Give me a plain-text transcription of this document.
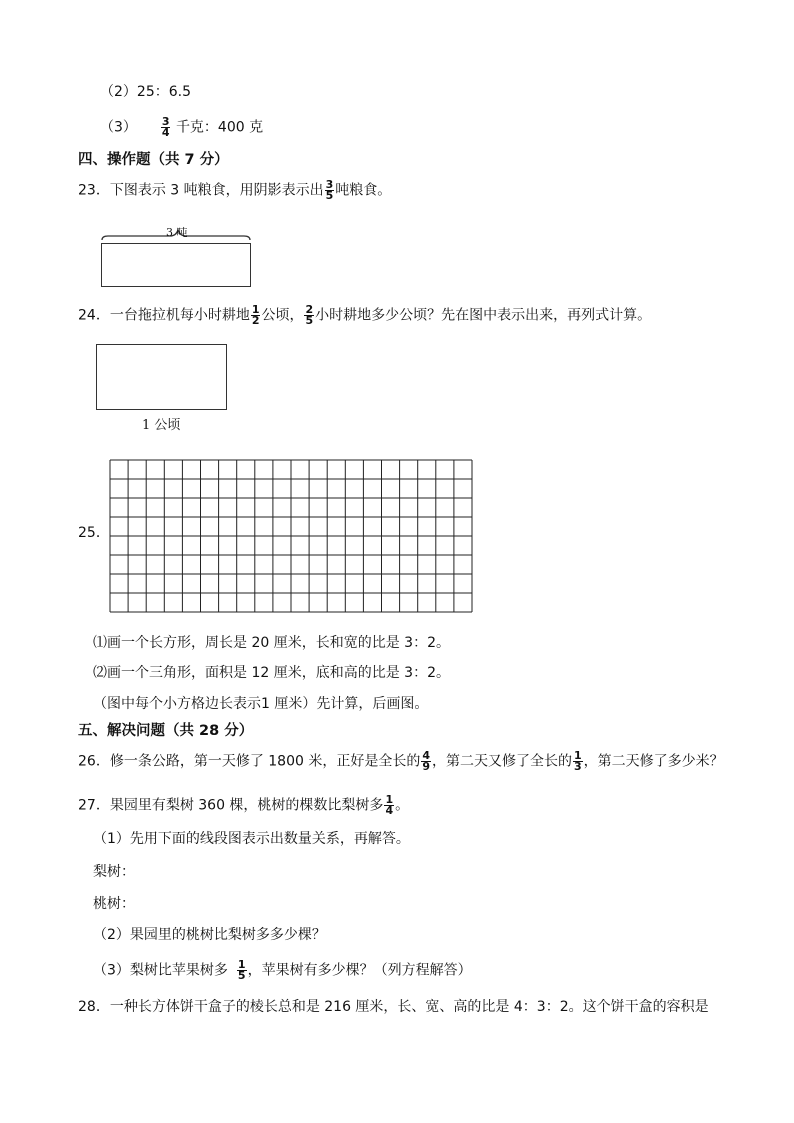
（2）25：6.5
$(3) \frac{3}{4}$ 千克：400 克
四、操作题（共 7 分）
23．下图表示 3 吨粮食，用阴影表示出 $\frac{3}{5}$ 吨粮食。
3 吨
24．一台拖拉机每小时耕地 $\frac{1}{2}$ 公顷， $\frac{2}{5}$ 小时耕地多少公顷？先在图中表示出来，再列式计算。
1 公顷
25．
⑴画一个长方形，周长是 20 厘米，长和宽的比是 3：2。
⑵画一个三角形，面积是 12 厘米，底和高的比是 3：2。
（图中每个小方格边长表示1 厘米）先计算，后画图。
五、解决问题（共 28 分）
26．修一条公路，第一天修了 1800 米，正好是全长的 $\frac{4}{9}$ ，第二天又修了全长的 $\frac{1}{3}$ ，第二天修了多少米？
27．果园里有梨树 360 棵，桃树的棵数比梨树多 $\frac{1}{4}$ 。
（1）先用下面的线段图表示出数量关系，再解答。
梨树：
桃树：
（2）果园里的桃树比梨树多多少棵？
（3）梨树比苹果树多 $\frac{1}{5}$ ，苹果树有多少棵？（列方程解答）
28．一种长方体饼干盒子的棱长总和是 216 厘米，长、宽、高的比是 4：3：2。这个饼干盒的容积是
